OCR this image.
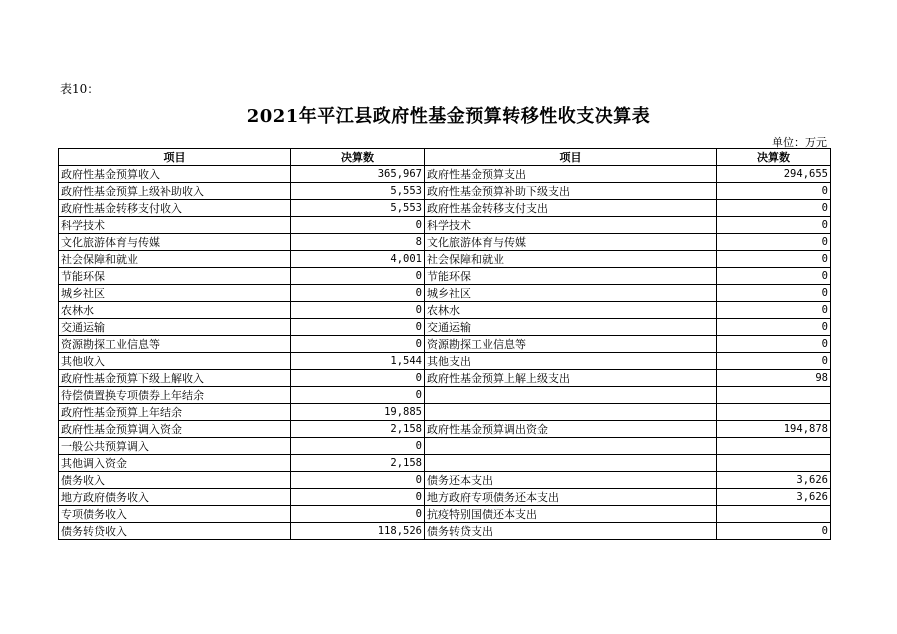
表10：
2021年平江县政府性基金预算转移性收支决算表
单位：万元
项目	决算数	项目	决算数
政府性基金预算收入	365,967	政府性基金预算支出	294,655
政府性基金预算上级补助收入	5,553	政府性基金预算补助下级支出	0
政府性基金转移支付收入	5,553	政府性基金转移支付支出	0
科学技术	0	科学技术	0
文化旅游体育与传媒	8	文化旅游体育与传媒	0
社会保障和就业	4,001	社会保障和就业	0
节能环保	0	节能环保	0
城乡社区	0	城乡社区	0
农林水	0	农林水	0
交通运输	0	交通运输	0
资源勘探工业信息等	0	资源勘探工业信息等	0
其他收入	1,544	其他支出	0
政府性基金预算下级上解收入	0	政府性基金预算上解上级支出	98
待偿债置换专项债券上年结余	0		
政府性基金预算上年结余	19,885		
政府性基金预算调入资金	2,158	政府性基金预算调出资金	194,878
一般公共预算调入	0		
其他调入资金	2,158		
债务收入	0	债务还本支出	3,626
地方政府债务收入	0	地方政府专项债务还本支出	3,626
专项债务收入	0	抗疫特别国债还本支出	
债务转贷收入	118,526	债务转贷支出	0
